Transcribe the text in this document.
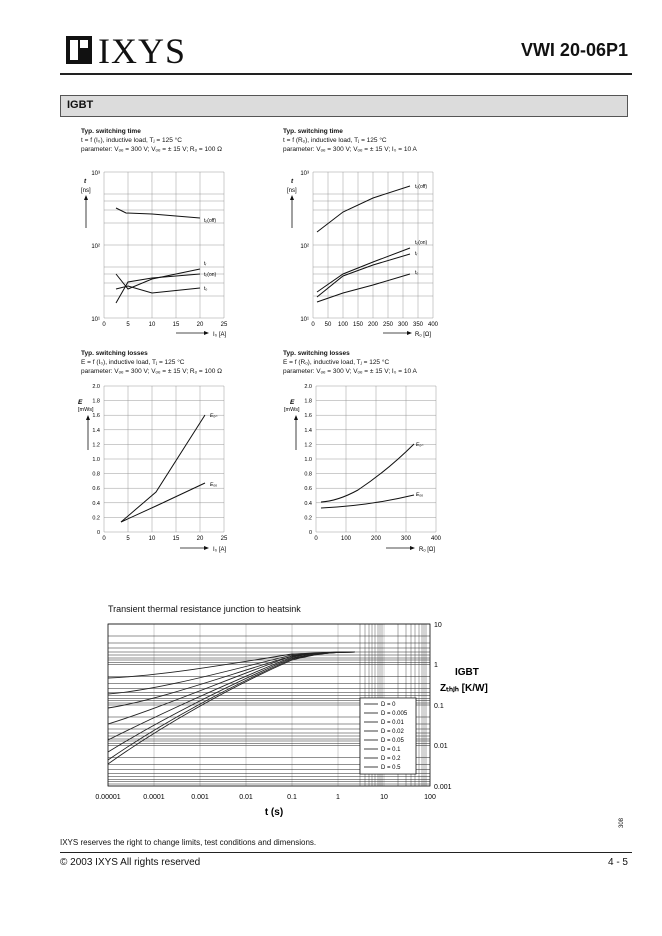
IXYS	VWI 20-06P1
IGBT
Typ. switching time
t = f (I₀), inductive load, Tⱼ = 125 °C
parameter: Vₒₑ = 300 V; Vₒₑ = ± 15 V; Rₒ = 100 Ω
10³
10²
10¹
t
[ns]
0	5	10	15	20	25
I₀ [A]
tₒ(off)
tᵣ
tₒ(on)
tₒ
Typ. switching time
t = f (Rₒ), inductive load, Tⱼ = 125 °C
parameter: Vₒₑ = 300 V; Vₒₑ = ± 15 V; I₀ = 10 A
10³
10²
10¹
t
[ns]
0 50 100 150 200 250 300 350 400
Rₒ [Ω]
tₒ(off)
tₒ(on)
tᵣ
tₒ
Typ. switching losses
E = f (I₀), inductive load, Tⱼ = 125 °C
parameter: Vₒₑ = 300 V; Vₒₑ = ± 15 V; Rₒ = 100 Ω
2.0
1.8
1.6
1.4
1.2
1.0
0.8
0.6
0.4
0.2
0
E
[mWs]
0	5	10	15	20	25
I₀ [A]
Eₒₙ
Eₒₒ
Typ. switching losses
E = f (Rₒ), inductive load, Tⱼ = 125 °C
parameter: Vₒₑ = 300 V; Vₒₑ = ± 15 V; I₀ = 10 A
2.0
1.8
1.6
1.4
1.2
1.0
0.8
0.6
0.4
0.2
0
E
[mWs]
0	100	200	300	400
Rₒ [Ω]
Eₒₙ
Eₒₒ
Transient thermal resistance junction to heatsink
D = 0
D = 0.005
D = 0.01
D = 0.02
D = 0.05
D = 0.1
D = 0.2
D = 0.5
10
1
0.1
0.01
0.001
0.00001	0.0001	0.001	0.01	0.1	1	10	100
t (s)
IGBT
Zₜₕⱼₕ [K/W]
IXYS reserves the right to change limits, test conditions and dimensions.
308
© 2003 IXYS All rights reserved	4 - 5
